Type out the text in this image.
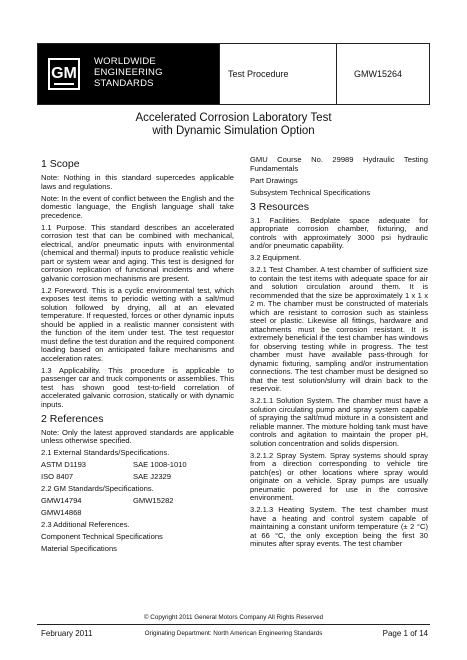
GM
WORLDWIDE
ENGINEERING
STANDARDS
Test Procedure	GMW15264
Accelerated Corrosion Laboratory Test
with Dynamic Simulation Option
1 Scope

Note: Nothing in this standard supercedes applicable laws and regulations.

Note: In the event of conflict between the English and the domestic language, the English language shall take precedence.

1.1 Purpose. This standard describes an accelerated corrosion test that can be combined with mechanical, electrical, and/or pneumatic inputs with environmental (chemical and thermal) inputs to produce realistic vehicle part or system wear and aging. This test is designed for corrosion replication of functional incidents and where galvanic corrosion mechanisms are present.

1.2 Foreword. This is a cyclic environmental test, which exposes test items to periodic wetting with a salt/mud solution followed by drying, all at an elevated temperature. If requested, forces or other dynamic inputs should be applied in a realistic manner consistent with the function of the item under test. The test requestor must define the test duration and the required component loading based on anticipated failure mechanisms and acceleration rates.

1.3 Applicability. This procedure is applicable to passenger car and truck components or assemblies. This test has shown good test-to-field correlation of accelerated galvanic corrosion, statically or with dynamic inputs.

2 References

Note: Only the latest approved standards are applicable unless otherwise specified.

2.1 External Standards/Specifications.

ASTM D1193	SAE 1008-1010
ISO 8407	SAE J2329

2.2 GM Standards/Specifications.

GMW14794	GMW15282
GMW14868

2.3 Additional References.

Component Technical Specifications

Material Specifications

GMU Course No. 29989 Hydraulic Testing Fundamentals

Part Drawings

Subsystem Technical Specifications

3 Resources

3.1 Facilities. Bedplate space adequate for appropriate corrosion chamber, fixturing, and controls with approximately 3000 psi hydraulic and/or pneumatic capability.

3.2 Equipment.

3.2.1 Test Chamber. A test chamber of sufficient size to contain the test items with adequate space for air and solution circulation around them. It is recommended that the size be approximately 1 x 1 x 2 m. The chamber must be constructed of materials which are resistant to corrosion such as stainless steel or plastic. Likewise all fittings, hardware and attachments must be corrosion resistant. It is extremely beneficial if the test chamber has windows for observing testing while in progress. The test chamber must have available pass-through for dynamic fixturing, sampling and/or instrumentation connections. The test chamber must be designed so that the test solution/slurry will drain back to the reservoir.

3.2.1.1 Solution System. The chamber must have a solution circulating pump and spray system capable of spraying the salt/mud mixture in a consistent and reliable manner. The mixture holding tank must have controls and agitation to maintain the proper pH, solution concentration and solids dispersion.

3.2.1.2 Spray System. Spray systems should spray from a direction corresponding to vehicle tire patch(es) or other locations where spray would originate on a vehicle. Spray pumps are usually pneumatic powered for use in the corrosive environment.

3.2.1.3 Heating System. The test chamber must have a heating and control system capable of maintaining a constant uniform temperature (± 2 °C) at 66 °C, the only exception being the first 30 minutes after spray events. The test chamber

© Copyright 2011 General Motors Company All Rights Reserved
February 2011	Originating Department: North American Engineering Standards	Page 1 of 14
